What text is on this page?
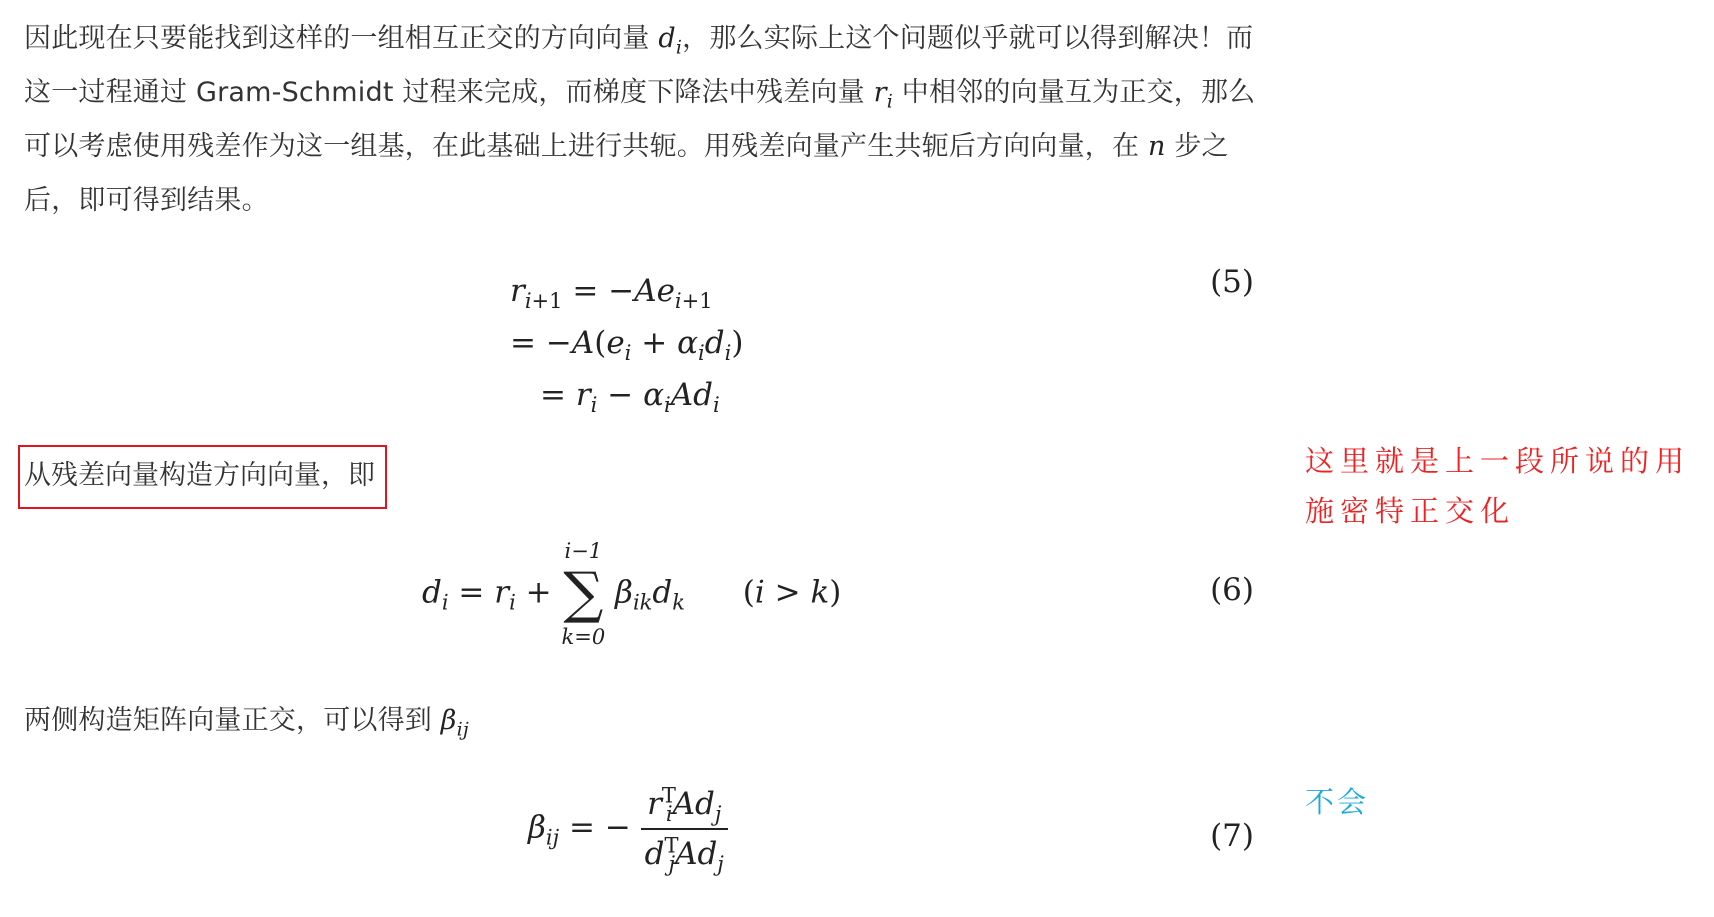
因此现在只要能找到这样的一组相互正交的方向向量 $d_i$，那么实际上这个问题似乎就可以得到解决！而这一过程通过 Gram-Schmidt 过程来完成，而梯度下降法中残差向量 $r_i$ 中相邻的向量互为正交，那么可以考虑使用残差作为这一组基，在此基础上进行共轭。用残差向量产生共轭后方向向量，在 n 步之后，即可得到结果。
$r_{i+1} = -Ae_{i+1}$
= $-A(e_i + \alpha_id_i)$
= $r_i - \alpha_iAd_i$
(5)
从残差向量构造方向向量，即	这里就是上一段所说的用施密特正交化
$d_i = r_i$ +
i−1
∑
k=0
$\beta_{ik}d_k$  (i > k)	(6)
两侧构造矩阵向量正交，可以得到 $\beta_{ij}$
$\beta_{ij}$ = − $\frac{r^T_iAd_j}{d^T_jAd_j}$	(7)
不会
